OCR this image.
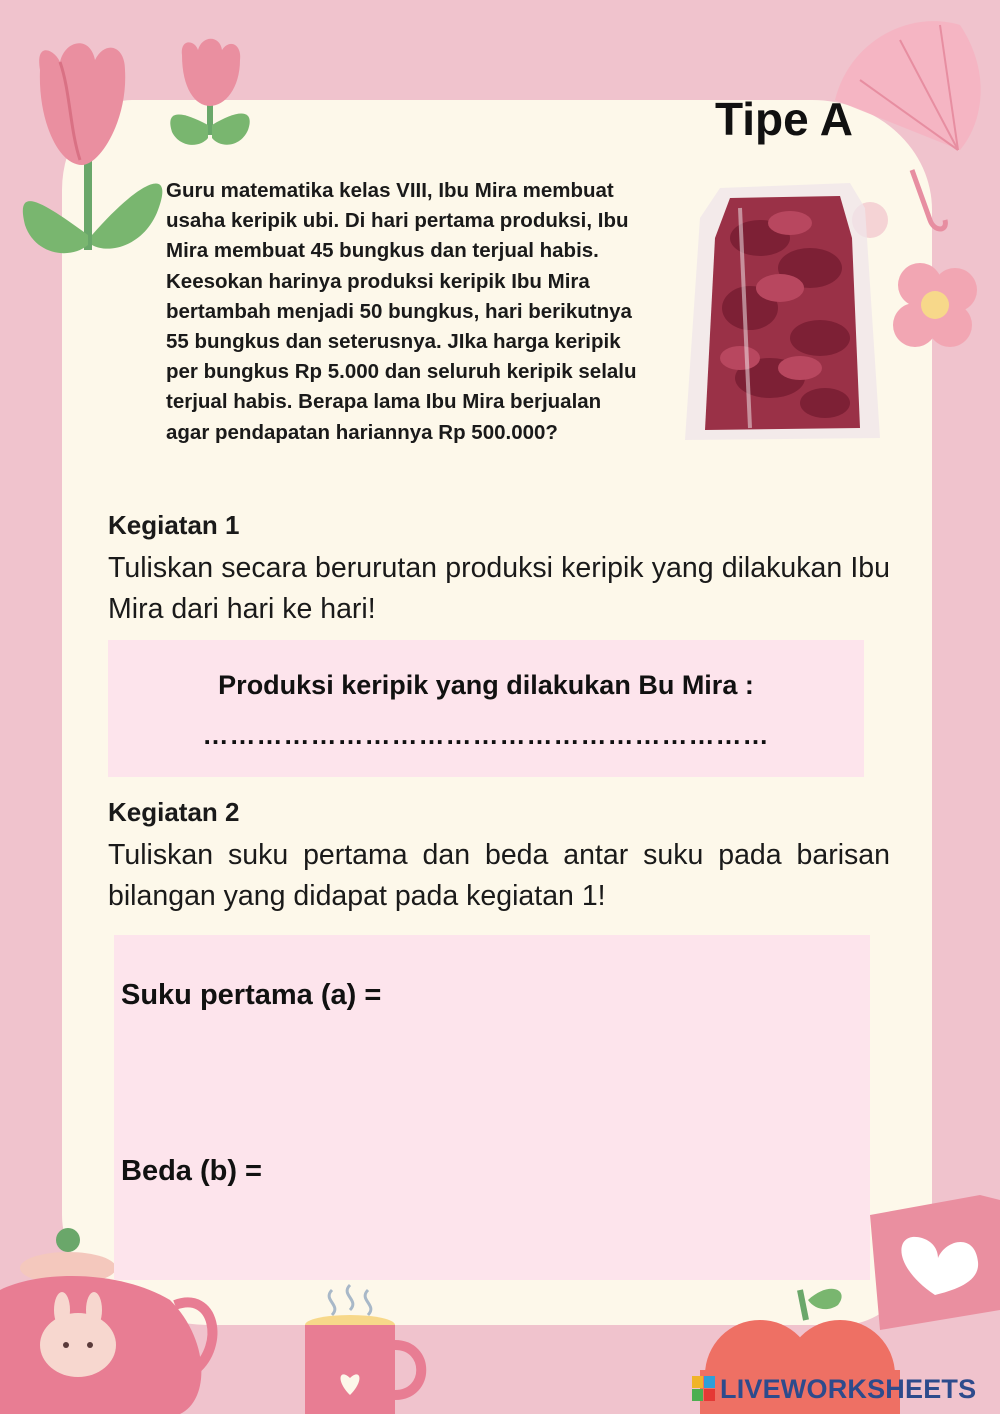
Tipe A
Guru matematika kelas VIII, Ibu Mira membuat
usaha keripik ubi. Di hari pertama produksi, Ibu
Mira membuat 45 bungkus dan terjual habis.
Keesokan harinya produksi keripik Ibu Mira
bertambah menjadi 50 bungkus, hari berikutnya
55 bungkus dan seterusnya. JIka harga keripik
per bungkus Rp 5.000 dan seluruh keripik selalu
terjual habis. Berapa lama Ibu Mira berjualan
agar pendapatan hariannya Rp 500.000?
Kegiatan 1
Tuliskan secara berurutan produksi keripik yang dilakukan Ibu Mira dari hari ke hari!
Produksi keripik yang dilakukan Bu Mira :
………………………………………………………
Kegiatan 2
Tuliskan suku pertama dan beda antar suku pada barisan bilangan yang didapat pada kegiatan 1!
Suku pertama (a) =
Beda (b) =
LIVEWORKSHEETS
